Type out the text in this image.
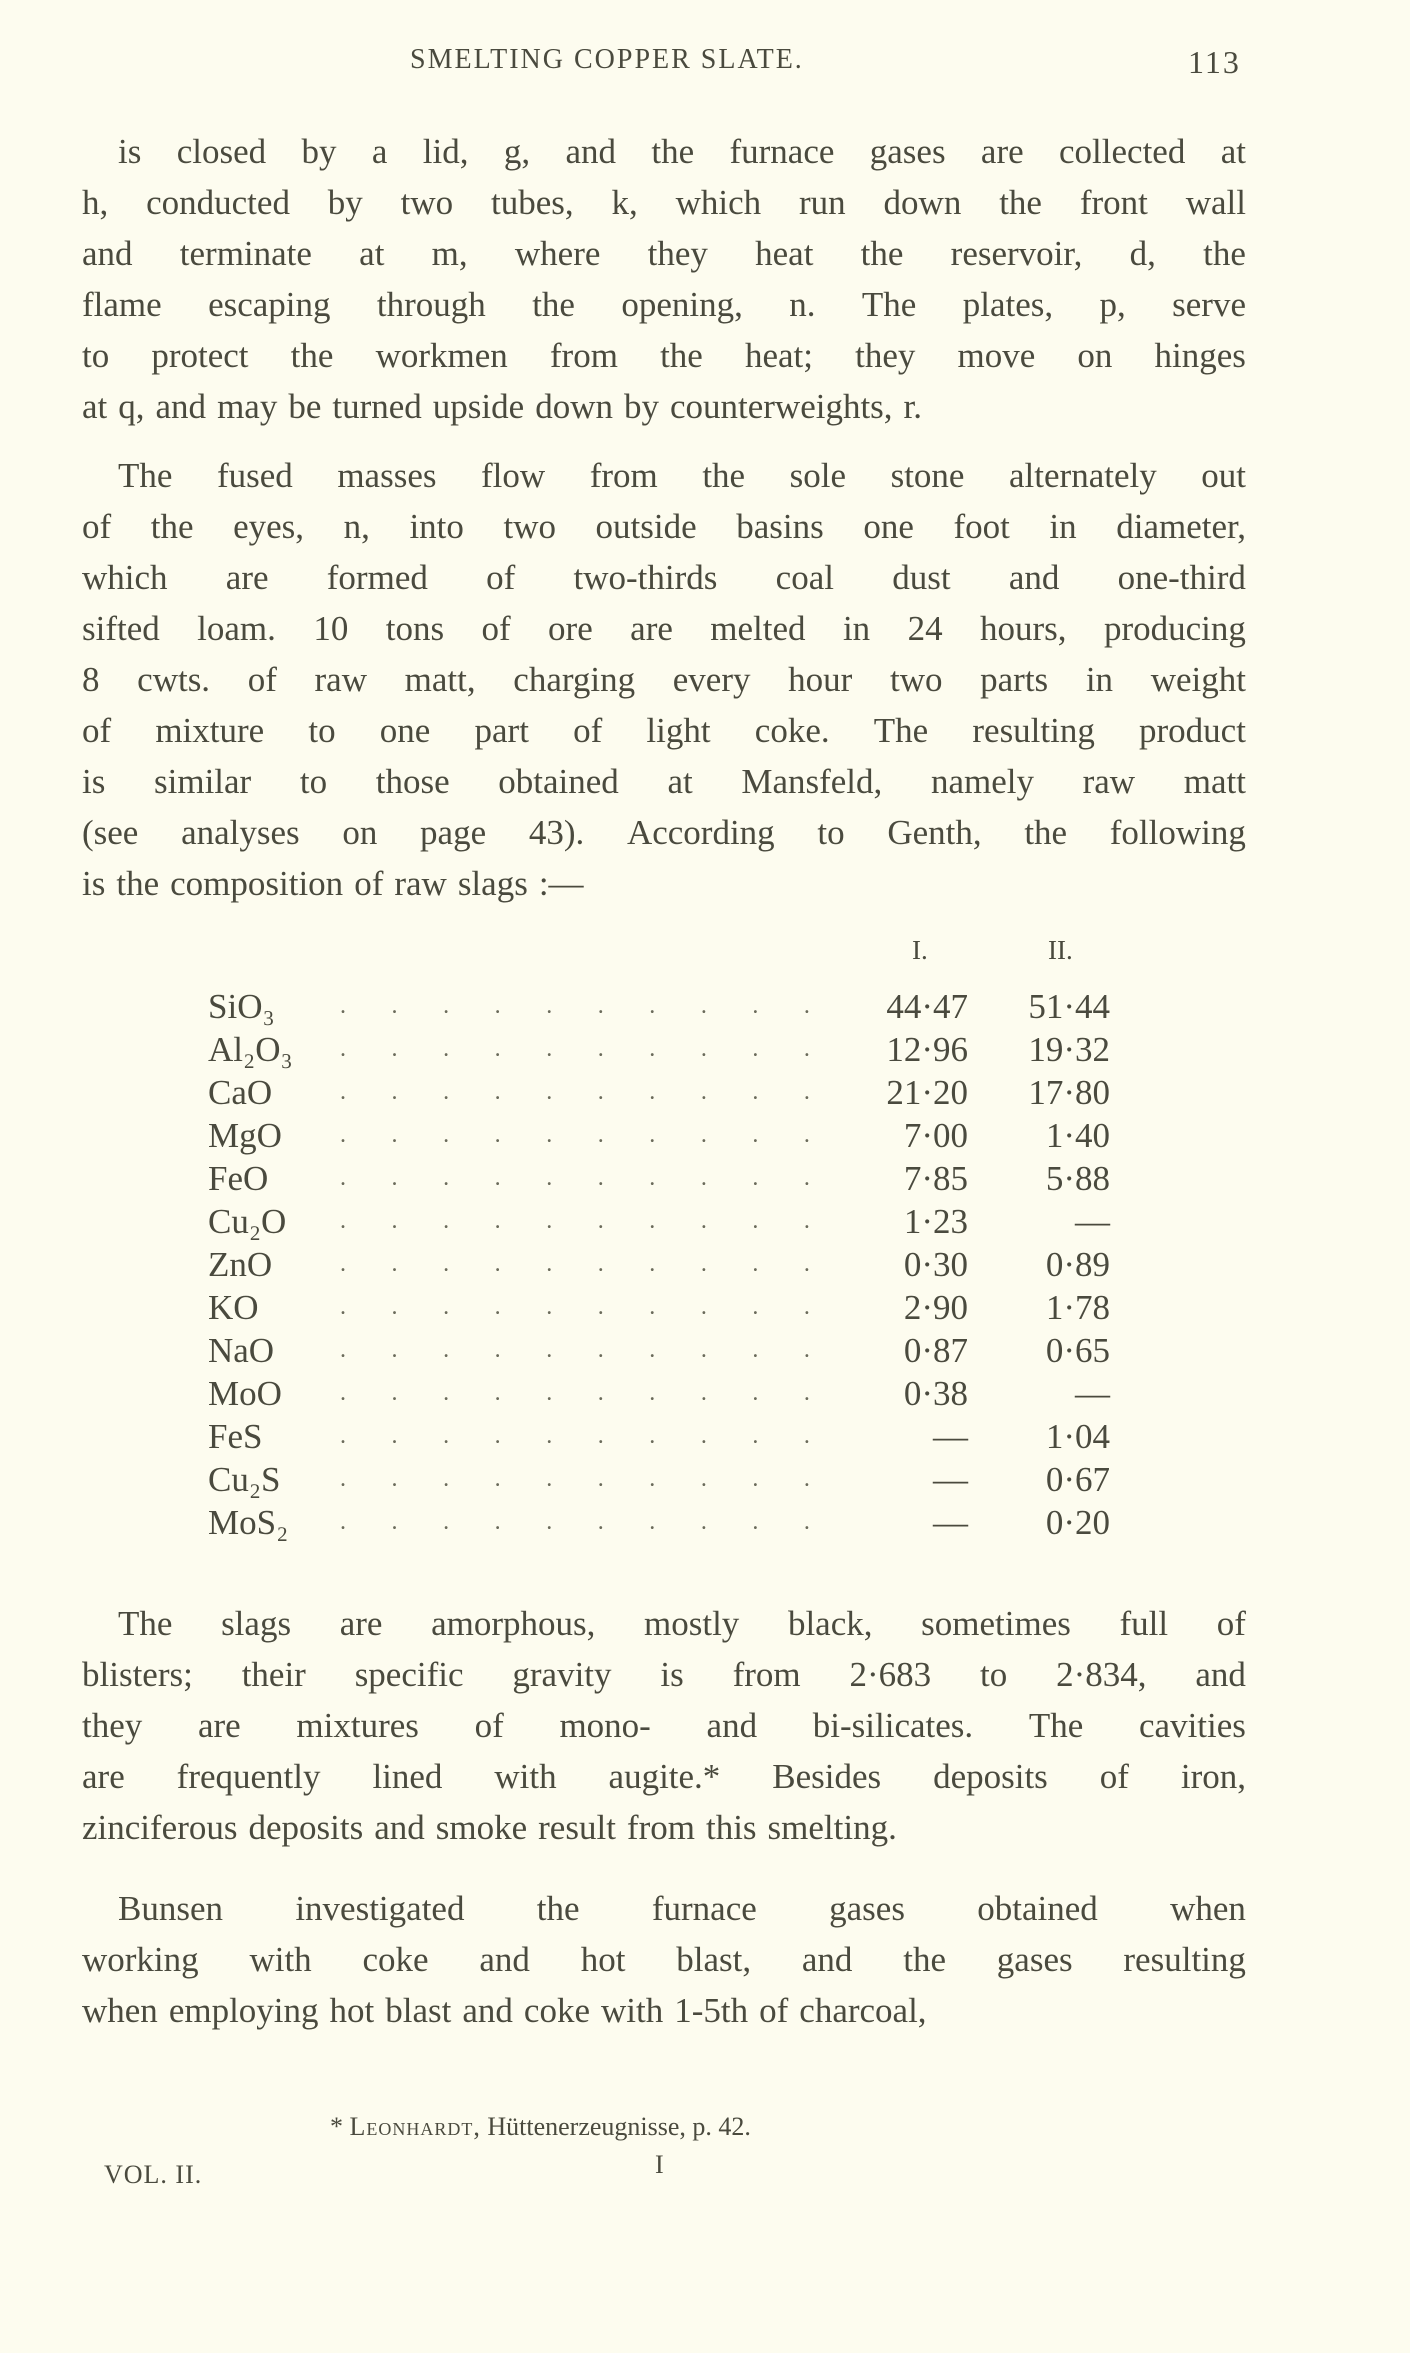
SMELTING COPPER SLATE.	113
is closed by a lid, g, and the furnace gases are collected at
h, conducted by two tubes, k, which run down the front wall
and terminate at m, where they heat the reservoir, d, the
flame escaping through the opening, n. The plates, p, serve
to protect the workmen from the heat; they move on hinges
at q, and may be turned upside down by counterweights, r.
The fused masses flow from the sole stone alternately out
of the eyes, n, into two outside basins one foot in diameter,
which are formed of two-thirds coal dust and one-third
sifted loam. 10 tons of ore are melted in 24 hours, producing
8 cwts. of raw matt, charging every hour two parts in weight
of mixture to one part of light coke. The resulting product
is similar to those obtained at Mansfeld, namely raw matt
(see analyses on page 43). According to Genth, the following
is the composition of raw slags :—
I.	II.
SiO₃	. . . . . . . . . . 44·47 51·44
Al₂O₃ . . . . . . . . . . 12·96 19·32
CaO	. . . . . . . . . . 21·20 17·80
MgO . . . . . . . . . .	7·00 1·40
FeO	. . . . . . . . . .	7·85 5·88
Cu₂O . . . . . . . . . .	1·23	—
ZnO	. . . . . . . . . .	0·30 0·89
KO	. . . . . . . . . .	2·90 1·78
NaO	. . . . . . . . . .	0·87 0·65
MoO . . . . . . . . . .	0·38	—
FeS	. . . . . . . . . .	— 1·04
Cu₂S . . . . . . . . . .	— 0·67
MoS₂ . . . . . . . . . .	— 0·20
The slags are amorphous, mostly black, sometimes full of
blisters; their specific gravity is from 2·683 to 2·834, and
they are mixtures of mono- and bi-silicates. The cavities
are frequently lined with augite.* Besides deposits of iron,
zinciferous deposits and smoke result from this smelting.
Bunsen investigated the furnace gases obtained when
working with coke and hot blast, and the gases resulting
when employing hot blast and coke with 1-5th of charcoal,
* Leonhardt, Hüttenerzeugnisse, p. 42.
VOL. II.	I
